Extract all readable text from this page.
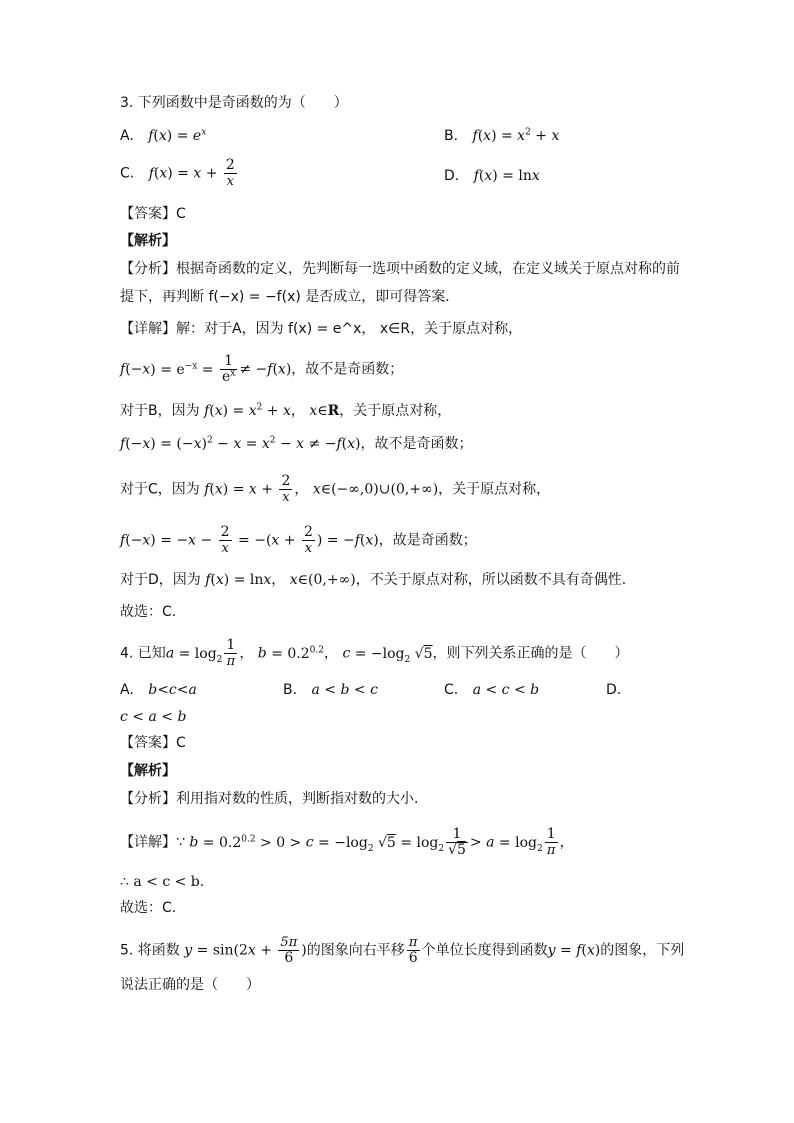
3. 下列函数中是奇函数的为（　　）
A. $f(x) = e^x$	B. $f(x) = x^2 + x$
C. $f(x) = x + \frac{2}{x}$	D. f(x) = lnx
【答案】C
【解析】
【分析】根据奇函数的定义，先判断每一选项中函数的定义域，在定义域关于原点对称的前
提下，再判断 f(−x) = −f(x) 是否成立，即可得答案.
【详解】解：对于A，因为 f(x) = e^x， x∈R，关于原点对称，
$f(-x) = e^{-x} = \frac{1}{e^x} \ne -f(x)$，故不是奇函数；
对于B，因为 $f(x) = x^2 + x$， x∈R，关于原点对称，
$f(-x) = (-x)^2 - x = x^2 - x \ne -f(x)$，故不是奇函数；
对于C，因为 $f(x) = x + \frac{2}{x}$ ， x∈(−∞,0)∪(0,+∞)，关于原点对称，
$f(-x) = -x - \frac{2}{x} = -(x + \frac{2}{x}$ ) = −f(x)，故是奇函数；
对于D，因为 f(x) = lnx， x∈(0,+∞)，不关于原点对称，所以函数不具有奇偶性.
故选：C.
4. 已知$a = \log_2 \frac{1}{\pi}$ ， $b = 0.2^{0.2}$， $c = -\log_2$ √5，则下列关系正确的是（　　）
A. b<c<a	B. a < b < c	C. a < c < b	D.
c < a < b
【答案】C
【解析】
【分析】利用指对数的性质，判断指对数的大小.
【详解】∵ $b = 0.2^{0.2} > 0 > c = -\log_2$ $√5 = \log_2 \frac{1}{√5} > a = \log_2 \frac{1}{\pi}$ ，
∴ a < c < b.
故选：C.
5. 将函数 $y = \sin(2x + \frac{5\pi}{6}$ )的图象向右平移 $\frac{\pi}{6}$ 个单位长度得到函数y = f(x)的图象，下列
说法正确的是（　　）
